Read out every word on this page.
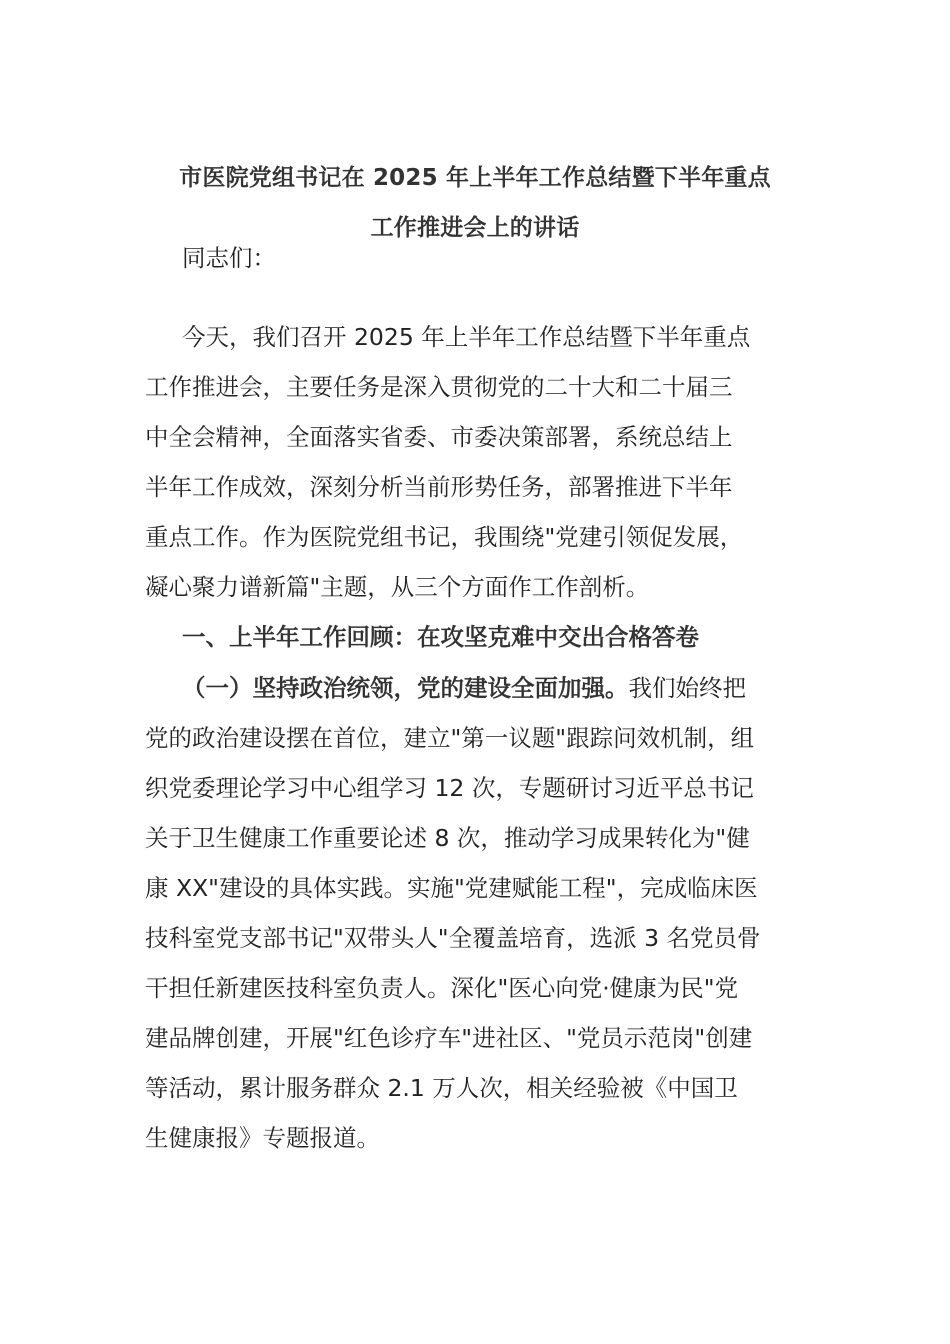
市医院党组书记在 2025 年上半年工作总结暨下半年重点
工作推进会上的讲话
同志们：
今天，我们召开 2025 年上半年工作总结暨下半年重点
工作推进会，主要任务是深入贯彻党的二十大和二十届三
中全会精神，全面落实省委、市委决策部署，系统总结上
半年工作成效，深刻分析当前形势任务，部署推进下半年
重点工作。作为医院党组书记，我围绕"党建引领促发展，
凝心聚力谱新篇"主题，从三个方面作工作剖析。
一、上半年工作回顾：在攻坚克难中交出合格答卷
（一）坚持政治统领，党的建设全面加强。我们始终把
党的政治建设摆在首位，建立"第一议题"跟踪问效机制，组
织党委理论学习中心组学习 12 次，专题研讨习近平总书记
关于卫生健康工作重要论述 8 次，推动学习成果转化为"健
康 XX"建设的具体实践。实施"党建赋能工程"，完成临床医
技科室党支部书记"双带头人"全覆盖培育，选派 3 名党员骨
干担任新建医技科室负责人。深化"医心向党·健康为民"党
建品牌创建，开展"红色诊疗车"进社区、"党员示范岗"创建
等活动，累计服务群众 2.1 万人次，相关经验被《中国卫
生健康报》专题报道。
